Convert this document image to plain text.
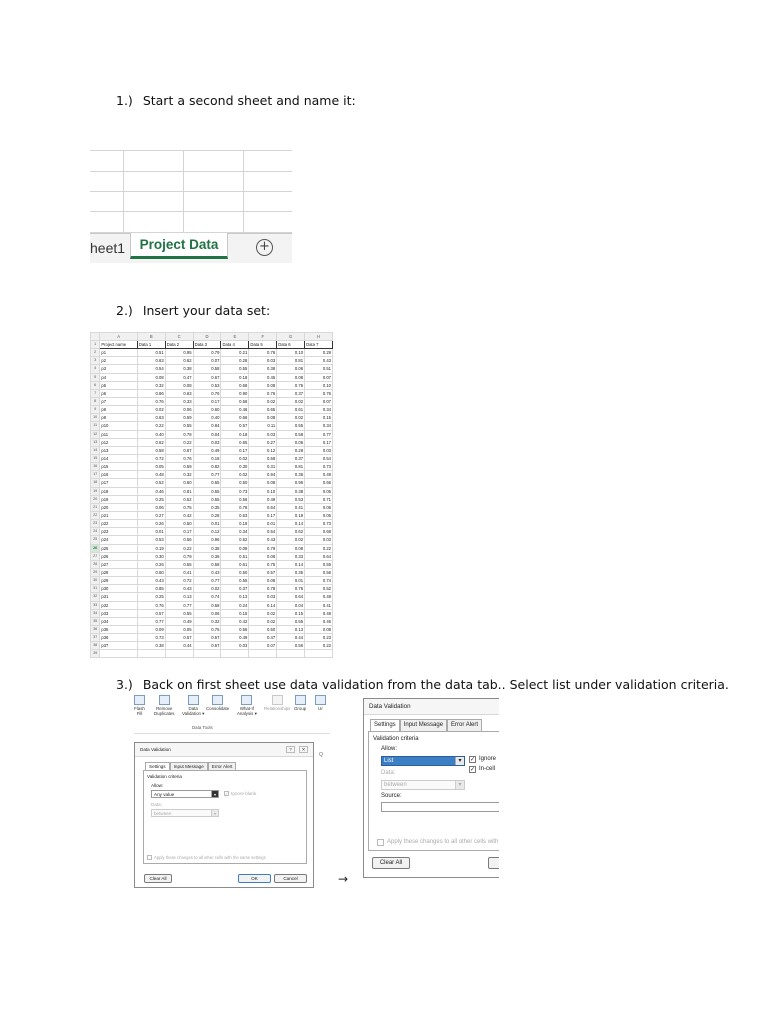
1.) Start a second sheet and name it:
2.) Insert your data set:
3.) Back on first sheet use data validation from the data tab.. Select list under validation criteria.
heet1	Project Data	+
	A	B	C	D	E	F	G	H
1	Project name	Data 1	Data 2	Data 3	Data 4	Data 5	Data 6	Data 7
2	p1	0.51	0.95	0.79	0.21	0.76	0.10	0.29
3	p2	0.63	0.62	0.07	0.28	0.03	0.81	0.43
4	p3	0.54	0.38	0.58	0.55	0.38	0.06	0.51
5	p4	0.08	0.47	0.67	0.18	0.45	0.08	0.07
6	p5	0.32	0.08	0.53	0.68	0.08	0.76	0.10
7	p6	0.86	0.63	0.76	0.90	0.76	0.37	0.76
8	p7	0.76	0.33	0.17	0.58	0.02	0.02	0.07
9	p8	0.02	0.06	0.60	0.46	0.65	0.61	0.34
10	p9	0.63	0.59	0.40	0.66	0.08	0.02	0.15
11	p10	0.22	0.55	0.84	0.57	0.11	0.55	0.34
12	p11	0.40	0.78	0.04	0.18	0.03	0.58	0.77
13	p12	0.62	0.22	0.03	0.65	0.27	0.06	0.17
14	p13	0.58	0.67	0.49	0.17	0.12	0.28	0.03
15	p14	0.72	0.76	0.18	0.02	0.58	0.37	0.54
16	p15	0.05	0.59	0.82	0.30	0.31	0.81	0.73
17	p16	0.48	0.32	0.77	0.02	0.94	0.36	0.49
18	p17	0.52	0.60	0.55	0.50	0.08	0.96	0.66
19	p18	0.46	0.81	0.55	0.73	0.10	0.38	0.05
20	p19	0.25	0.52	0.55	0.56	0.49	0.53	0.71
21	p20	0.06	0.75	0.35	0.78	0.64	0.41	0.06
22	p21	0.27	0.42	0.28	0.63	0.17	0.19	0.05
23	p22	0.26	0.50	0.01	0.18	0.01	0.14	0.73
24	p23	0.01	0.17	0.12	0.34	0.54	0.62	0.68
25	p24	0.53	0.56	0.96	0.52	0.43	0.02	0.03
26	p25	0.19	0.22	0.38	0.08	0.79	0.08	0.22
27	p26	0.30	0.79	0.36	0.51	0.06	0.33	0.64
28	p27	0.26	0.55	0.58	0.61	0.75	0.14	0.55
29	p28	0.60	0.41	0.43	0.50	0.57	0.35	0.56
30	p29	0.43	0.72	0.77	0.55	0.08	0.01	0.74
31	p30	0.85	0.43	0.02	0.37	0.78	0.76	0.52
32	p31	0.25	0.13	0.74	0.13	0.03	0.64	0.48
33	p32	0.76	0.77	0.58	0.24	0.14	0.04	0.41
34	p33	0.57	0.55	0.06	0.15	0.02	0.15	0.48
35	p34	0.77	0.49	0.32	0.42	0.02	0.55	0.46
36	p35	0.09	0.05	0.75	0.56	0.50	0.13	0.08
37	p36	0.73	0.57	0.57	0.49	0.47	0.44	0.23
38	p37	0.38	0.44	0.57	0.03	0.07	0.56	0.22
39								
Flash
Fill
Remove
Duplicates
Data
Validation ▾
Consolidate	What-If
Analysis ▾
Relationships Group	Ur
Data Tools
Q
Data Validation	?	✕
Settings	Input Message	Error Alert
Validation criteria
Allow:
Any value	▾	✓ Ignore blank
Data:
between	▾
Apply these changes to all other cells with the same settings
Clear All	OK	Cancel	→
Data Validation
Settings	Input Message	Error Alert
Validation criteria
Allow:
List	▾	✓ Ignore
✓ In-cell
Data:
between	▾
Source:
Apply these changes to all other cells with
Clear All
